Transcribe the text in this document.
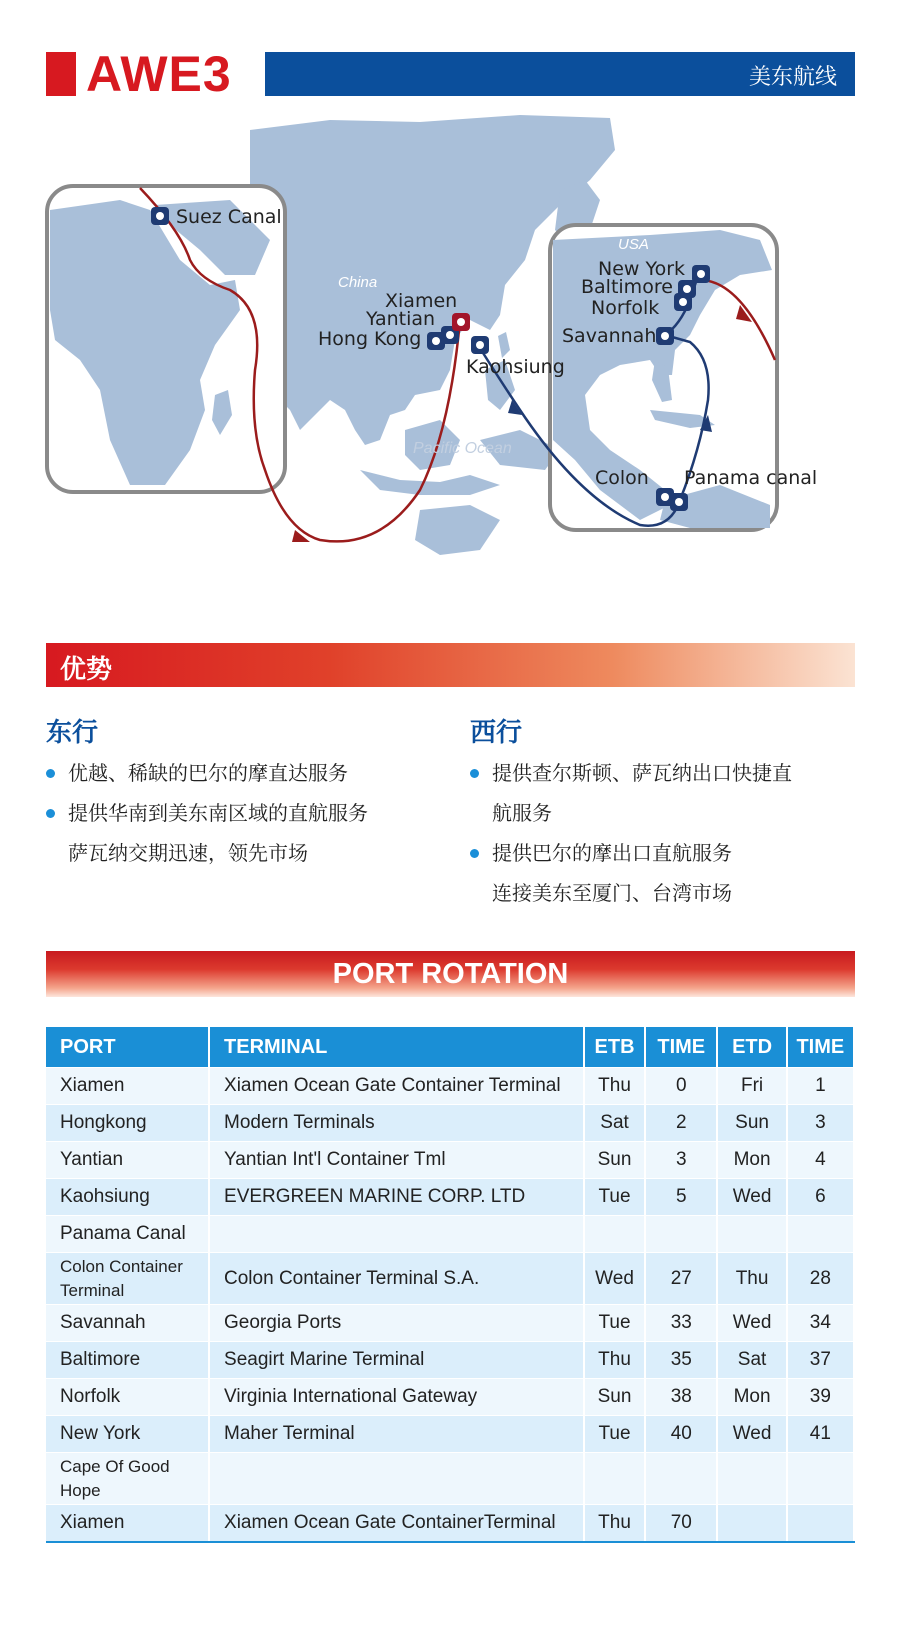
AWE3	美东航线
Suez Canal
China
Xiamen
Yantian
Hong Kong
Kaohsiung
Pacific Ocean
USA
New York
Baltimore
Norfolk
Savannah
Colon Panama canal
优势
东行
优越、稀缺的巴尔的摩直达服务
提供华南到美东南区域的直航服务
萨瓦纳交期迅速，领先市场
西行
提供查尔斯顿、萨瓦纳出口快捷直
航服务
提供巴尔的摩出口直航服务
连接美东至厦门、台湾市场
PORT ROTATION
PORT	TERMINAL	ETB	TIME	ETD	TIME
Xiamen	Xiamen Ocean Gate Container Terminal	Thu	0	Fri	1
Hongkong	Modern Terminals	Sat	2	Sun	3
Yantian	Yantian Int'l Container Tml	Sun	3	Mon	4
Kaohsiung	EVERGREEN MARINE CORP. LTD	Tue	5	Wed	6
Panama Canal					
Colon Container Terminal	Colon Container Terminal S.A.	Wed	27	Thu	28
Savannah	Georgia Ports	Tue	33	Wed	34
Baltimore	Seagirt Marine Terminal	Thu	35	Sat	37
Norfolk	Virginia International Gateway	Sun	38	Mon	39
New York	Maher Terminal	Tue	40	Wed	41
Cape Of Good Hope					
Xiamen	Xiamen Ocean Gate ContainerTerminal	Thu	70		
